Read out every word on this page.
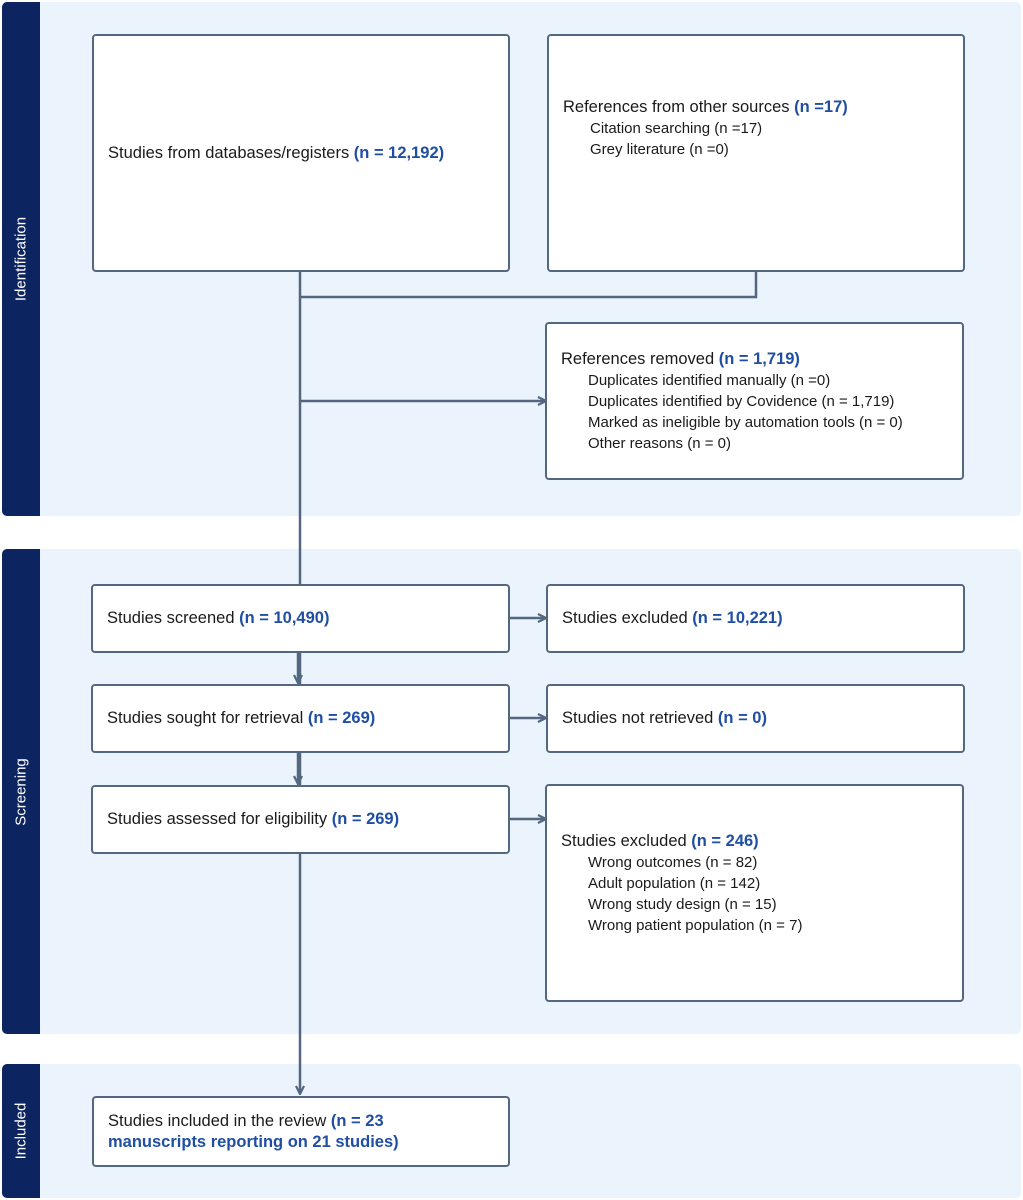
Identification
Screening
Included
Studies from databases/registers (n = 12,192)
References from other sources (n =17)
Citation searching (n =17)
Grey literature (n =0)
References removed (n = 1,719)
Duplicates identified manually (n =0)
Duplicates identified by Covidence (n = 1,719)
Marked as ineligible by automation tools (n = 0)
Other reasons (n = 0)
Studies screened (n = 10,490)	Studies excluded (n = 10,221)
Studies sought for retrieval (n = 269)	Studies not retrieved (n = 0)
Studies assessed for eligibility (n = 269)
Studies excluded (n = 246)
Wrong outcomes (n = 82)
Adult population (n = 142)
Wrong study design (n = 15)
Wrong patient population (n = 7)
Studies included in the review (n = 23 manuscripts reporting on 21 studies)
